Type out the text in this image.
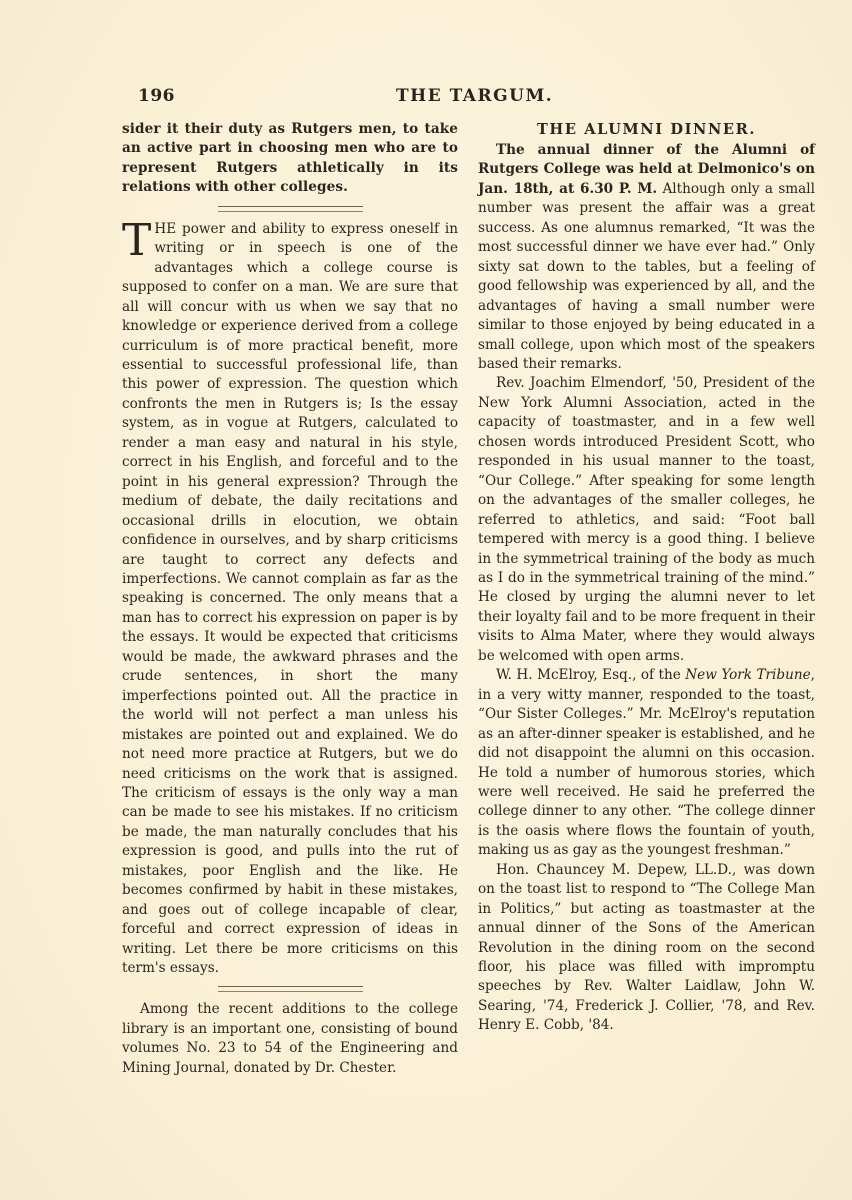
196	THE TARGUM.

sider it their duty as Rutgers men, to take an active part in choosing men who are to represent Rutgers athletically in its relations with other colleges.

THE power and ability to express oneself in writing or in speech is one of the advantages which a college course is supposed to confer on a man. We are sure that all will concur with us when we say that no knowledge or experience derived from a college curriculum is of more practical benefit, more essential to successful professional life, than this power of expression. The question which confronts the men in Rutgers is; Is the essay system, as in vogue at Rutgers, calculated to render a man easy and natural in his style, correct in his English, and forceful and to the point in his general expression? Through the medium of debate, the daily recitations and occasional drills in elocution, we obtain confidence in ourselves, and by sharp criticisms are taught to correct any defects and imperfections. We cannot complain as far as the speaking is concerned. The only means that a man has to correct his expression on paper is by the essays. It would be expected that criticisms would be made, the awkward phrases and the crude sentences, in short the many imperfections pointed out. All the practice in the world will not perfect a man unless his mistakes are pointed out and explained. We do not need more practice at Rutgers, but we do need criticisms on the work that is assigned. The criticism of essays is the only way a man can be made to see his mistakes. If no criticism be made, the man naturally concludes that his expression is good, and pulls into the rut of mistakes, poor English and the like. He becomes confirmed by habit in these mistakes, and goes out of college incapable of clear, forceful and correct expression of ideas in writing. Let there be more criticisms on this term's essays.

Among the recent additions to the college library is an important one, consisting of bound volumes No. 23 to 54 of the Engineering and Mining Journal, donated by Dr. Chester.

THE ALUMNI DINNER.

The annual dinner of the Alumni of Rutgers College was held at Delmonico's on Jan. 18th, at 6.30 P. M. Although only a small number was present the affair was a great success. As one alumnus remarked, “It was the most successful dinner we have ever had.” Only sixty sat down to the tables, but a feeling of good fellowship was experienced by all, and the advantages of having a small number were similar to those enjoyed by being educated in a small college, upon which most of the speakers based their remarks.

Rev. Joachim Elmendorf, '50, President of the New York Alumni Association, acted in the capacity of toastmaster, and in a few well chosen words introduced President Scott, who responded in his usual manner to the toast, “Our College.” After speaking for some length on the advantages of the smaller colleges, he referred to athletics, and said: “Foot ball tempered with mercy is a good thing. I believe in the symmetrical training of the body as much as I do in the symmetrical training of the mind.” He closed by urging the alumni never to let their loyalty fail and to be more frequent in their visits to Alma Mater, where they would always be welcomed with open arms.

W. H. McElroy, Esq., of the New York Tribune, in a very witty manner, responded to the toast, “Our Sister Colleges.” Mr. McElroy's reputation as an after-dinner speaker is established, and he did not disappoint the alumni on this occasion. He told a number of humorous stories, which were well received. He said he preferred the college dinner to any other. “The college dinner is the oasis where flows the fountain of youth, making us as gay as the youngest freshman.”

Hon. Chauncey M. Depew, LL.D., was down on the toast list to respond to “The College Man in Politics,” but acting as toastmaster at the annual dinner of the Sons of the American Revolution in the dining room on the second floor, his place was filled with impromptu speeches by Rev. Walter Laidlaw, John W. Searing, '74, Frederick J. Collier, '78, and Rev. Henry E. Cobb, '84.
